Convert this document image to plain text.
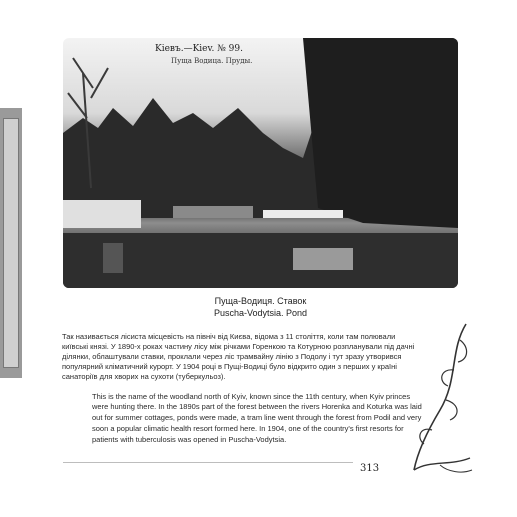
Kiевъ.—Kiev. № 99.
Пуща Водица. Пруды.
Пуща-Водиця. Ставок
Puscha-Vodytsia. Pond

Так називається лісиста місцевість на північ від Києва, відома з 11 століття, коли там полювали київські князі. У 1890-х роках частину лісу між річками Горенкою та Котурною розпланували під дачні ділянки, облаштували ставки, проклали через ліс трамвайну лінію з Подолу і тут зразу утворився популярний кліматичний курорт. У 1904 році в Пущі-Водиці було відкрито один з перших у країні санаторіїв для хворих на сухоти (туберкульоз).

This is the name of the woodland north of Kyiv, known since the 11th century, when Kyiv princes were hunting there. In the 1890s part of the forest between the rivers Horenka and Koturka was laid out for summer cottages, ponds were made, a tram line went through the forest from Podil and very soon a popular climatic health resort formed here. In 1904, one of the country's first resorts for patients with tuberculosis was opened in Puscha-Vodytsia.

313
